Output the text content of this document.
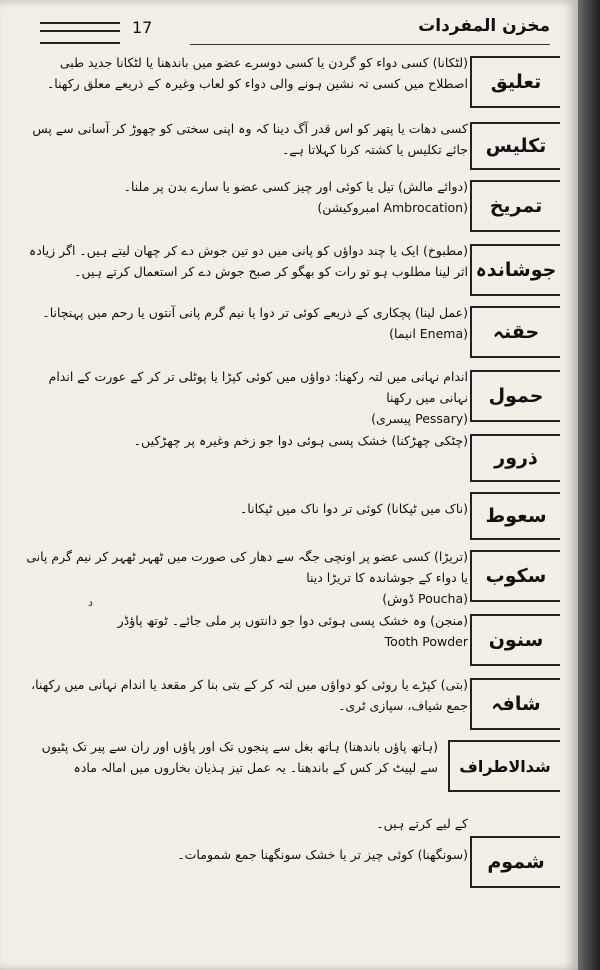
17	مخزن المفردات
تعلیق
(لٹکانا) کسی دواء کو گردن یا کسی دوسرے عضو میں باندھنا یا لٹکانا جدید طبی اصطلاح میں کسی تہ نشین ہونے والی دواء کو لعاب وغیرہ کے ذریعے معلق رکھنا۔
تکلیس
کسی دھات یا پتھر کو اس قدر آگ دینا کہ وہ اپنی سختی کو چھوڑ کر آسانی سے پس جائے تکلیس یا کشتہ کرنا کہلاتا ہے۔
تمریخ
(دوائے مالش) تیل یا کوئی اور چیز کسی عضو یا سارے بدن پر ملنا۔
(امبروکیشن Ambrocation)
جوشاندہ
(مطبوخ) ایک یا چند دواؤں کو پانی میں دو تین جوش دے کر چھان لیتے ہیں۔ اگر زیادہ اثر لینا مطلوب ہو تو رات کو بھگو کر صبح جوش دے کر استعمال کرتے ہیں۔
حقنہ
(عمل لینا) پچکاری کے ذریعے کوئی تر دوا یا نیم گرم پانی آنتوں یا رحم میں پہنچانا۔
(انیما Enema)
حمول
اندام نہانی میں لتہ رکھنا: دواؤں میں کوئی کپڑا یا پوٹلی تر کر کے عورت کے اندام نہانی میں رکھنا
(پیسری Pessary)
ذرور
(چٹکی چھڑکنا) خشک پسی ہوئی دوا جو زخم وغیرہ پر چھڑکیں۔
سعوط
(ناک میں ٹپکانا) کوئی تر دوا ناک میں ٹپکانا۔
سکوب
(تریڑا) کسی عضو پر اونچی جگہ سے دھار کی صورت میں ٹھہر ٹھہر کر نیم گرم پانی یا دواء کے جوشاندہ کا تریڑا دینا
(ڈوش Poucha)
سنون
(منجن) وہ خشک پسی ہوئی دوا جو دانتوں پر ملی جائے۔ ٹوتھ پاؤڈر
Tooth Powder
شافہ
(بتی) کپڑے یا روئی کو دواؤں میں لتہ کر کے بتی بنا کر مقعد یا اندام نہانی میں رکھنا، جمع شیاف، سپازی ٹری۔
شدالاطراف
(ہاتھ پاؤں باندھنا) ہاتھ بغل سے پنجوں تک اور پاؤں اور ران سے پیر تک پٹیوں سے لپیٹ کر کس کے باندھنا۔ یہ عمل تیز ہذیان بخاروں میں امالہ مادہ
شموم
(سونگھنا) کوئی چیز تر یا خشک سونگھنا جمع شمومات۔
کے لیے کرتے ہیں۔
د
